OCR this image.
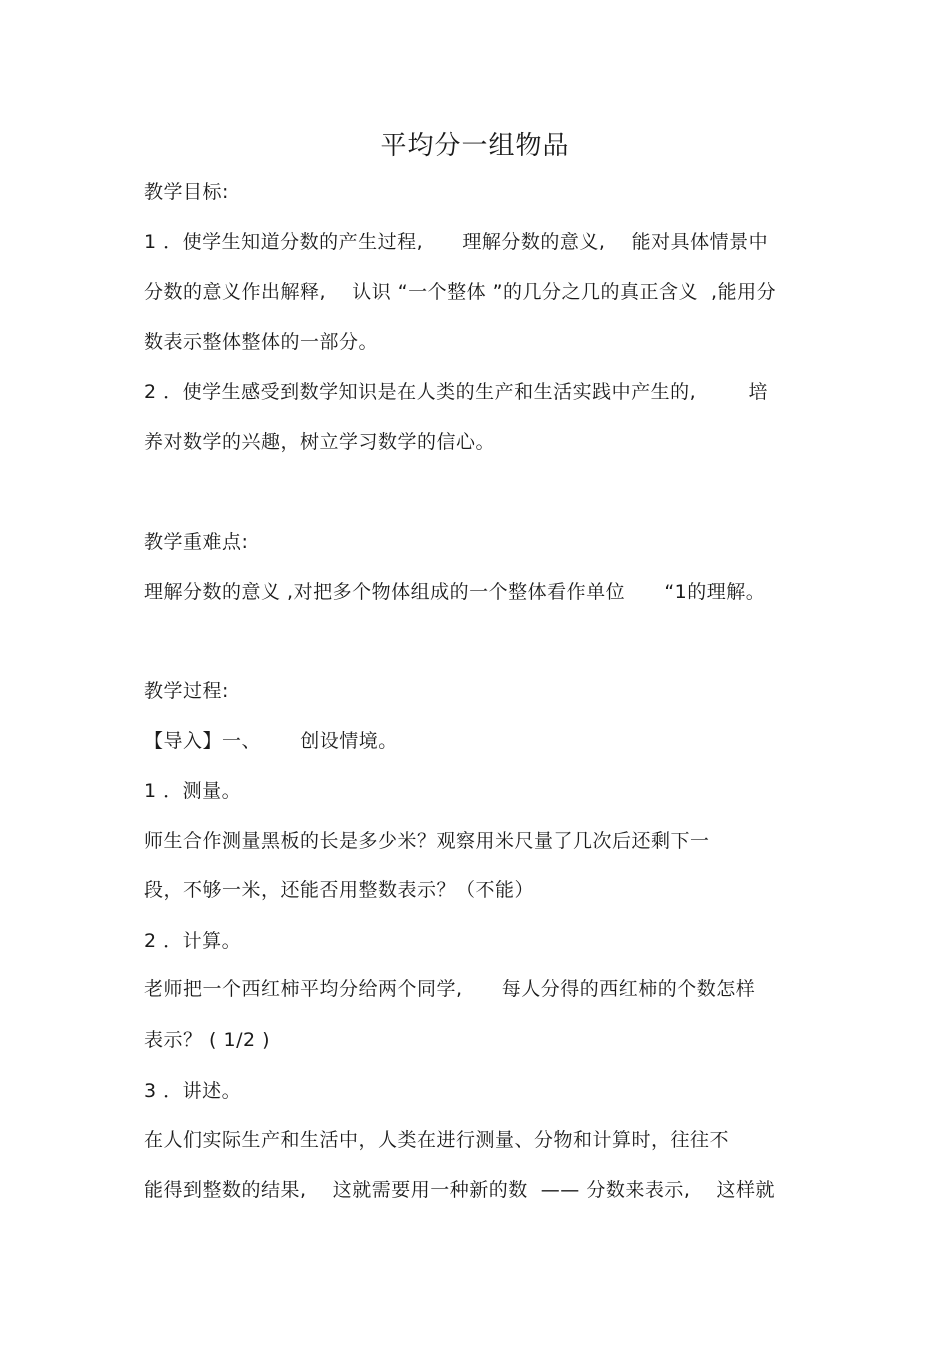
平均分一组物品
教学目标:
1 ．使学生知道分数的产生过程,      理解分数的意义,    能对具体情景中
分数的意义作出解释,    认识 “一个整体 ”的几分之几的真正含义  ,能用分
数表示整体整体的一部分。
2 ．使学生感受到数学知识是在人类的生产和生活实践中产生的,        培
养对数学的兴趣，树立学习数学的信心。
教学重难点:
理解分数的意义 ,对把多个物体组成的一个整体看作单位      “1的理解。
教学过程:
【导入】一、      创设情境。
1 ．测量。
师生合作测量黑板的长是多少米？观察用米尺量了几次后还剩下一
段，不够一米，还能否用整数表示？（不能）
2 ．计算。
老师把一个西红柿平均分给两个同学,      每人分得的西红柿的个数怎样
表示？ ( 1/2 )
3 ．讲述。
在人们实际生产和生活中，人类在进行测量、分物和计算时，往往不
能得到整数的结果,    这就需要用一种新的数  —— 分数来表示,    这样就
